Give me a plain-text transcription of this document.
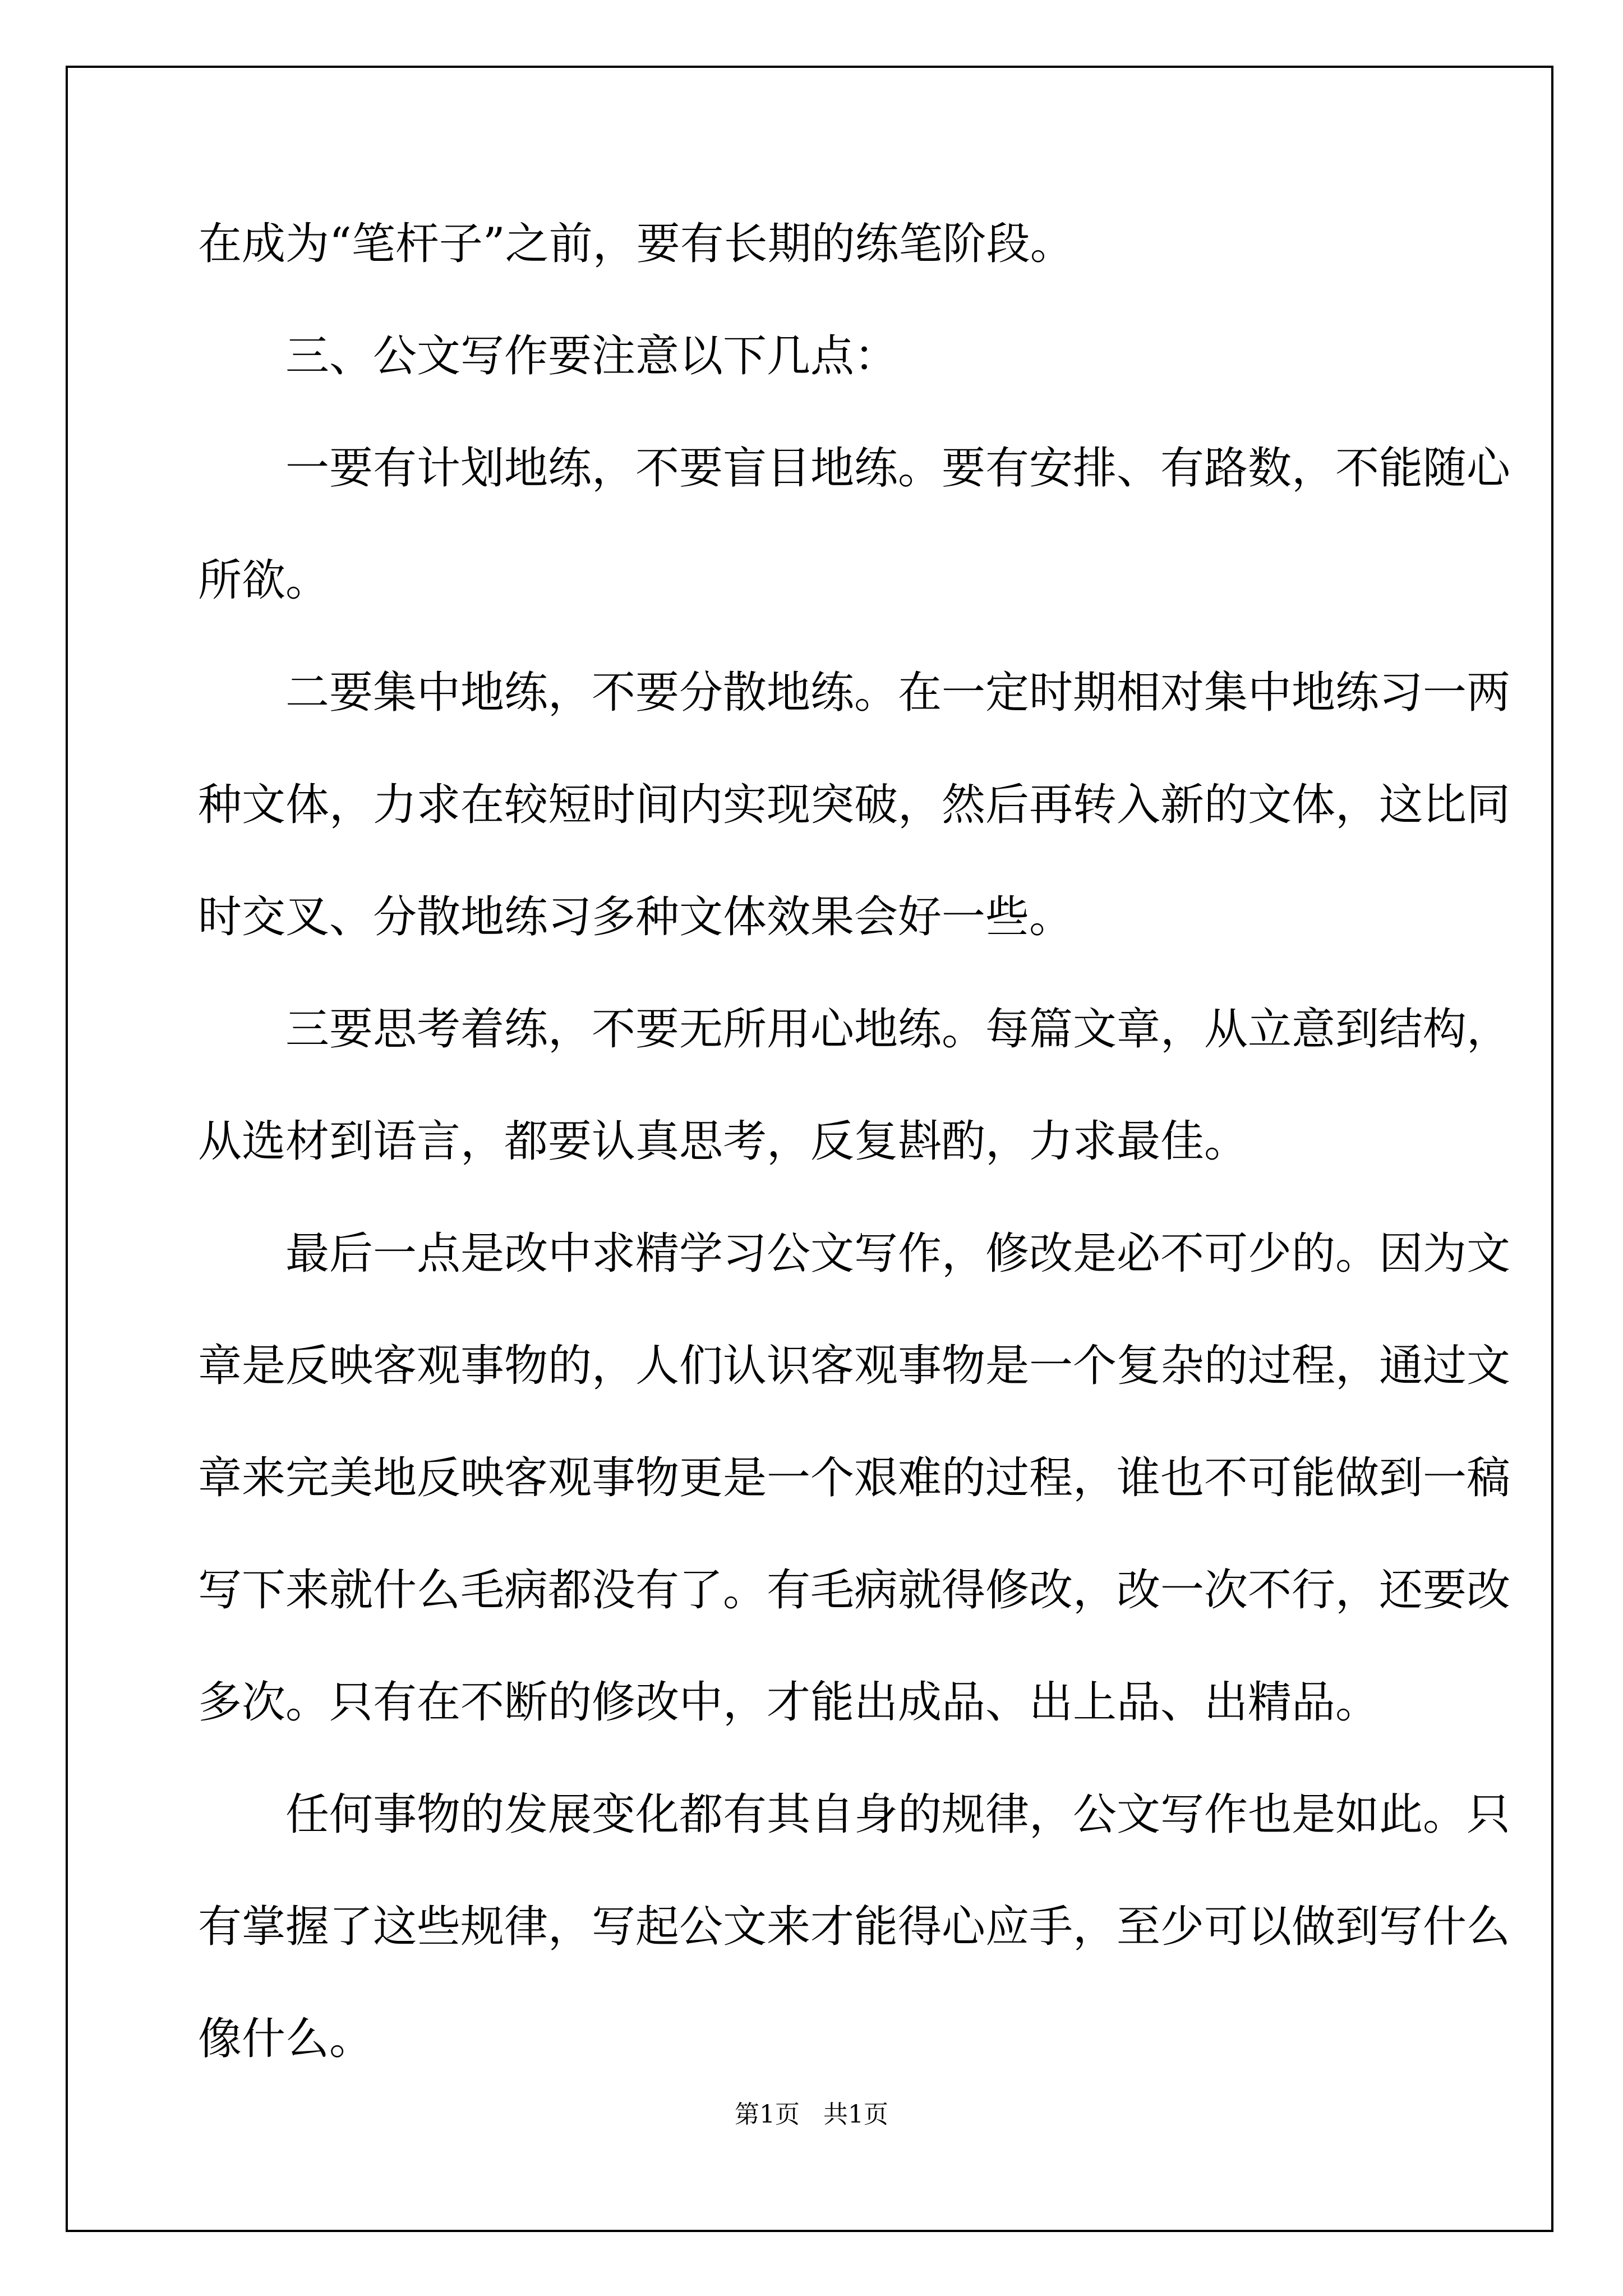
在成为“笔杆子”之前，要有长期的练笔阶段。
三、公文写作要注意以下几点：
一要有计划地练，不要盲目地练。要有安排、有路数，不能随心
所欲。
二要集中地练，不要分散地练。在一定时期相对集中地练习一两
种文体，力求在较短时间内实现突破，然后再转入新的文体，这比同
时交叉、分散地练习多种文体效果会好一些。
三要思考着练，不要无所用心地练。每篇文章，从立意到结构，
从选材到语言，都要认真思考，反复斟酌，力求最佳。
最后一点是改中求精学习公文写作，修改是必不可少的。因为文
章是反映客观事物的，人们认识客观事物是一个复杂的过程，通过文
章来完美地反映客观事物更是一个艰难的过程，谁也不可能做到一稿
写下来就什么毛病都没有了。有毛病就得修改，改一次不行，还要改
多次。只有在不断的修改中，才能出成品、出上品、出精品。
任何事物的发展变化都有其自身的规律，公文写作也是如此。只
有掌握了这些规律，写起公文来才能得心应手，至少可以做到写什么
像什么。
第1页   共1页
